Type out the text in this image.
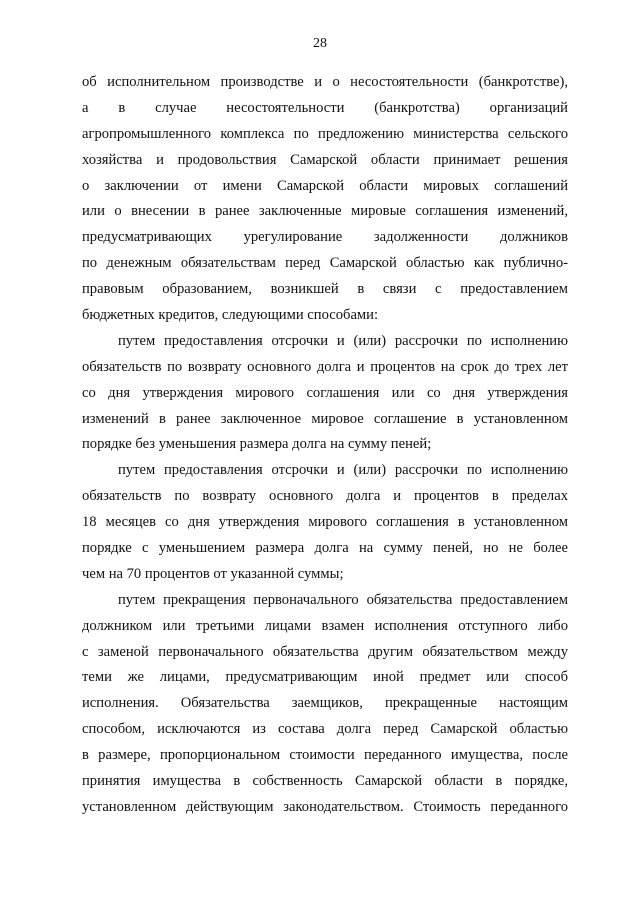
28
об исполнительном производстве и о несостоятельности (банкротстве),
а в случае несостоятельности (банкротства) организаций
агропромышленного комплекса по предложению министерства сельского
хозяйства и продовольствия Самарской области принимает решения
о заключении от имени Самарской области мировых соглашений
или о внесении в ранее заключенные мировые соглашения изменений,
предусматривающих урегулирование задолженности должников
по денежным обязательствам перед Самарской областью как публично-
правовым образованием, возникшей в связи с предоставлением
бюджетных кредитов, следующими способами:
путем предоставления отсрочки и (или) рассрочки по исполнению
обязательств по возврату основного долга и процентов на срок до трех лет
со дня утверждения мирового соглашения или со дня утверждения
изменений в ранее заключенное мировое соглашение в установленном
порядке без уменьшения размера долга на сумму пеней;
путем предоставления отсрочки и (или) рассрочки по исполнению
обязательств по возврату основного долга и процентов в пределах
18 месяцев со дня утверждения мирового соглашения в установленном
порядке с уменьшением размера долга на сумму пеней, но не более
чем на 70 процентов от указанной суммы;
путем прекращения первоначального обязательства предоставлением
должником или третьими лицами взамен исполнения отступного либо
с заменой первоначального обязательства другим обязательством между
теми же лицами, предусматривающим иной предмет или способ
исполнения. Обязательства заемщиков, прекращенные настоящим
способом, исключаются из состава долга перед Самарской областью
в размере, пропорциональном стоимости переданного имущества, после
принятия имущества в собственность Самарской области в порядке,
установленном действующим законодательством. Стоимость переданного
